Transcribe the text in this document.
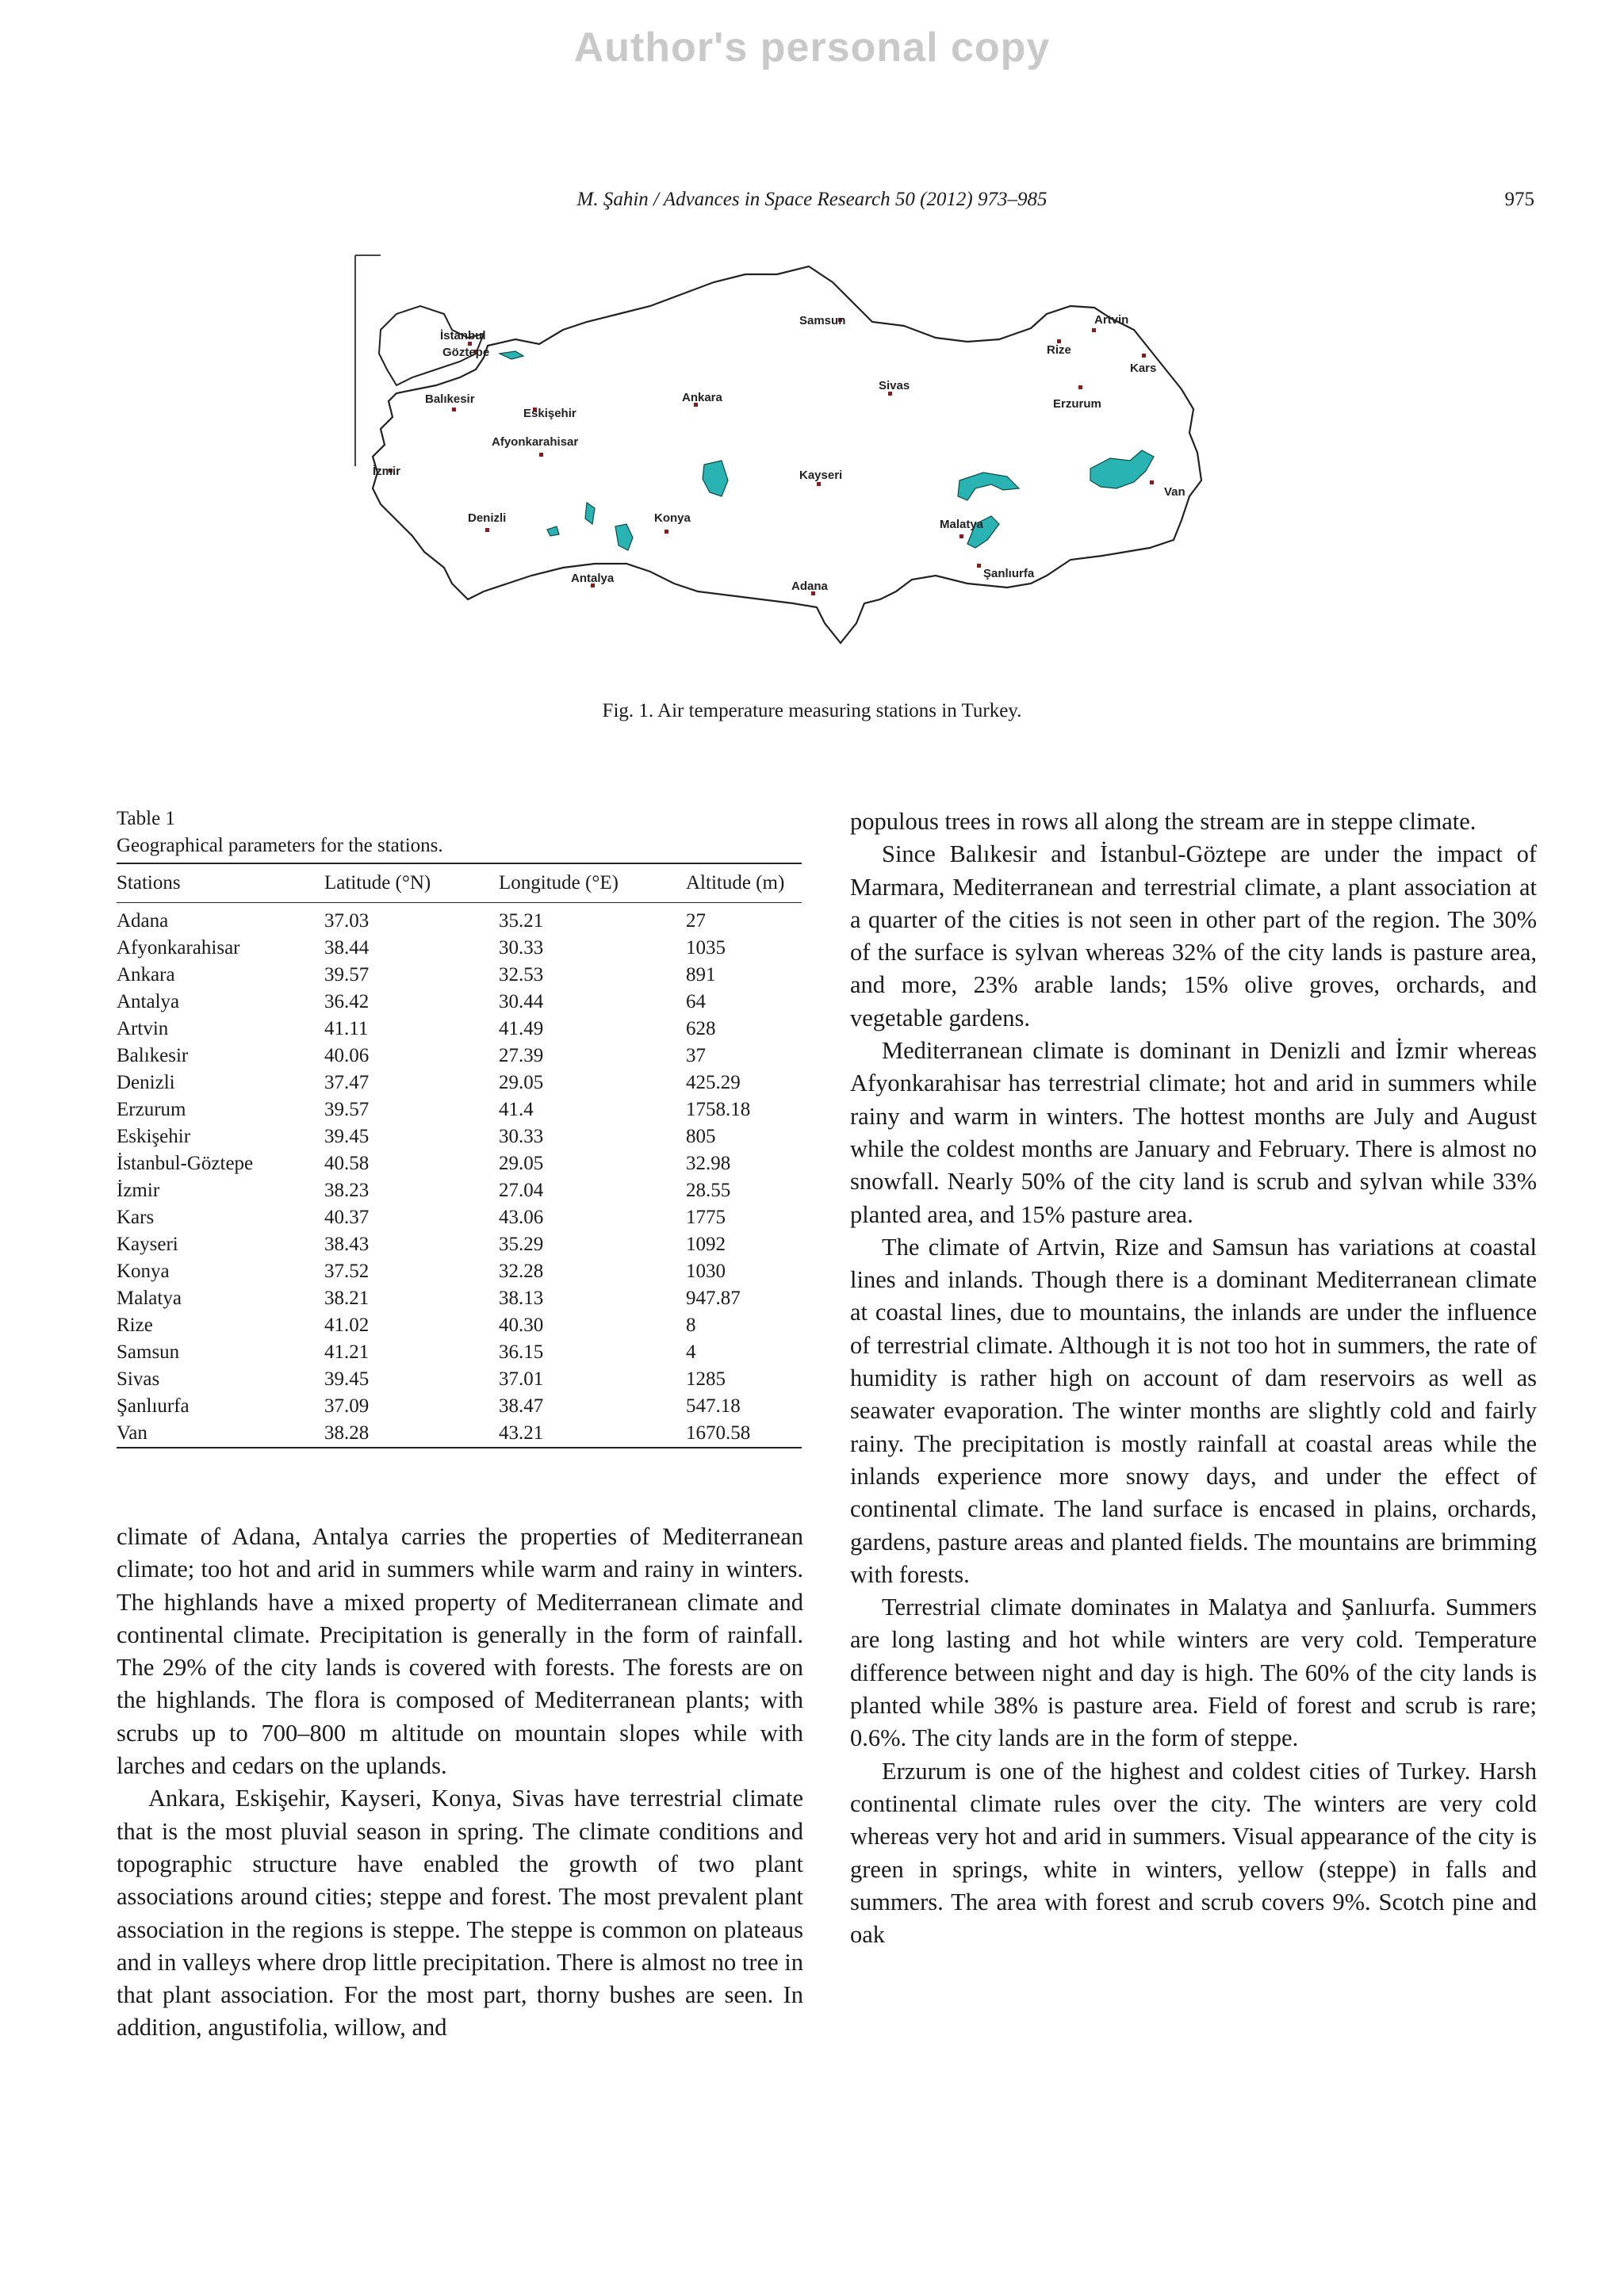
Author's personal copy
M. Şahin / Advances in Space Research 50 (2012) 973–985	975
İstanbul
Göztepe
Samsun	Artvin
Rize
Kars
Balıkesir
Eskişehir
Ankara
Sivas
Erzurum
Afyonkarahisar
İzmir	Kayseri
Van
Denizli	Konya	Malatya
Şanlıurfa
Antalya
Adana
Fig. 1. Air temperature measuring stations in Turkey.
Table 1
Geographical parameters for the stations.
Stations	Latitude (°N)	Longitude (°E)	Altitude (m)
Adana	37.03	35.21	27
Afyonkarahisar	38.44	30.33	1035
Ankara	39.57	32.53	891
Antalya	36.42	30.44	64
Artvin	41.11	41.49	628
Balıkesir	40.06	27.39	37
Denizli	37.47	29.05	425.29
Erzurum	39.57	41.4	1758.18
Eskişehir	39.45	30.33	805
İstanbul-Göztepe	40.58	29.05	32.98
İzmir	38.23	27.04	28.55
Kars	40.37	43.06	1775
Kayseri	38.43	35.29	1092
Konya	37.52	32.28	1030
Malatya	38.21	38.13	947.87
Rize	41.02	40.30	8
Samsun	41.21	36.15	4
Sivas	39.45	37.01	1285
Şanlıurfa	37.09	38.47	547.18
Van	38.28	43.21	1670.58

climate of Adana, Antalya carries the properties of Mediterranean climate; too hot and arid in summers while warm and rainy in winters. The highlands have a mixed property of Mediterranean climate and continental climate. Precipitation is generally in the form of rainfall. The 29% of the city lands is covered with forests. The forests are on the highlands. The flora is composed of Mediterranean plants; with scrubs up to 700–800 m altitude on mountain slopes while with larches and cedars on the uplands.

Ankara, Eskişehir, Kayseri, Konya, Sivas have terrestrial climate that is the most pluvial season in spring. The climate conditions and topographic structure have enabled the growth of two plant associations around cities; steppe and forest. The most prevalent plant association in the regions is steppe. The steppe is common on plateaus and in valleys where drop little precipitation. There is almost no tree in that plant association. For the most part, thorny bushes are seen. In addition, angustifolia, willow, and

populous trees in rows all along the stream are in steppe climate.

Since Balıkesir and İstanbul-Göztepe are under the impact of Marmara, Mediterranean and terrestrial climate, a plant association at a quarter of the cities is not seen in other part of the region. The 30% of the surface is sylvan whereas 32% of the city lands is pasture area, and more, 23% arable lands; 15% olive groves, orchards, and vegetable gardens.

Mediterranean climate is dominant in Denizli and İzmir whereas Afyonkarahisar has terrestrial climate; hot and arid in summers while rainy and warm in winters. The hottest months are July and August while the coldest months are January and February. There is almost no snowfall. Nearly 50% of the city land is scrub and sylvan while 33% planted area, and 15% pasture area.

The climate of Artvin, Rize and Samsun has variations at coastal lines and inlands. Though there is a dominant Mediterranean climate at coastal lines, due to mountains, the inlands are under the influence of terrestrial climate. Although it is not too hot in summers, the rate of humidity is rather high on account of dam reservoirs as well as seawater evaporation. The winter months are slightly cold and fairly rainy. The precipitation is mostly rainfall at coastal areas while the inlands experience more snowy days, and under the effect of continental climate. The land surface is encased in plains, orchards, gardens, pasture areas and planted fields. The mountains are brimming with forests.

Terrestrial climate dominates in Malatya and Şanlıurfa. Summers are long lasting and hot while winters are very cold. Temperature difference between night and day is high. The 60% of the city lands is planted while 38% is pasture area. Field of forest and scrub is rare; 0.6%. The city lands are in the form of steppe.

Erzurum is one of the highest and coldest cities of Turkey. Harsh continental climate rules over the city. The winters are very cold whereas very hot and arid in summers. Visual appearance of the city is green in springs, white in winters, yellow (steppe) in falls and summers. The area with forest and scrub covers 9%. Scotch pine and oak
